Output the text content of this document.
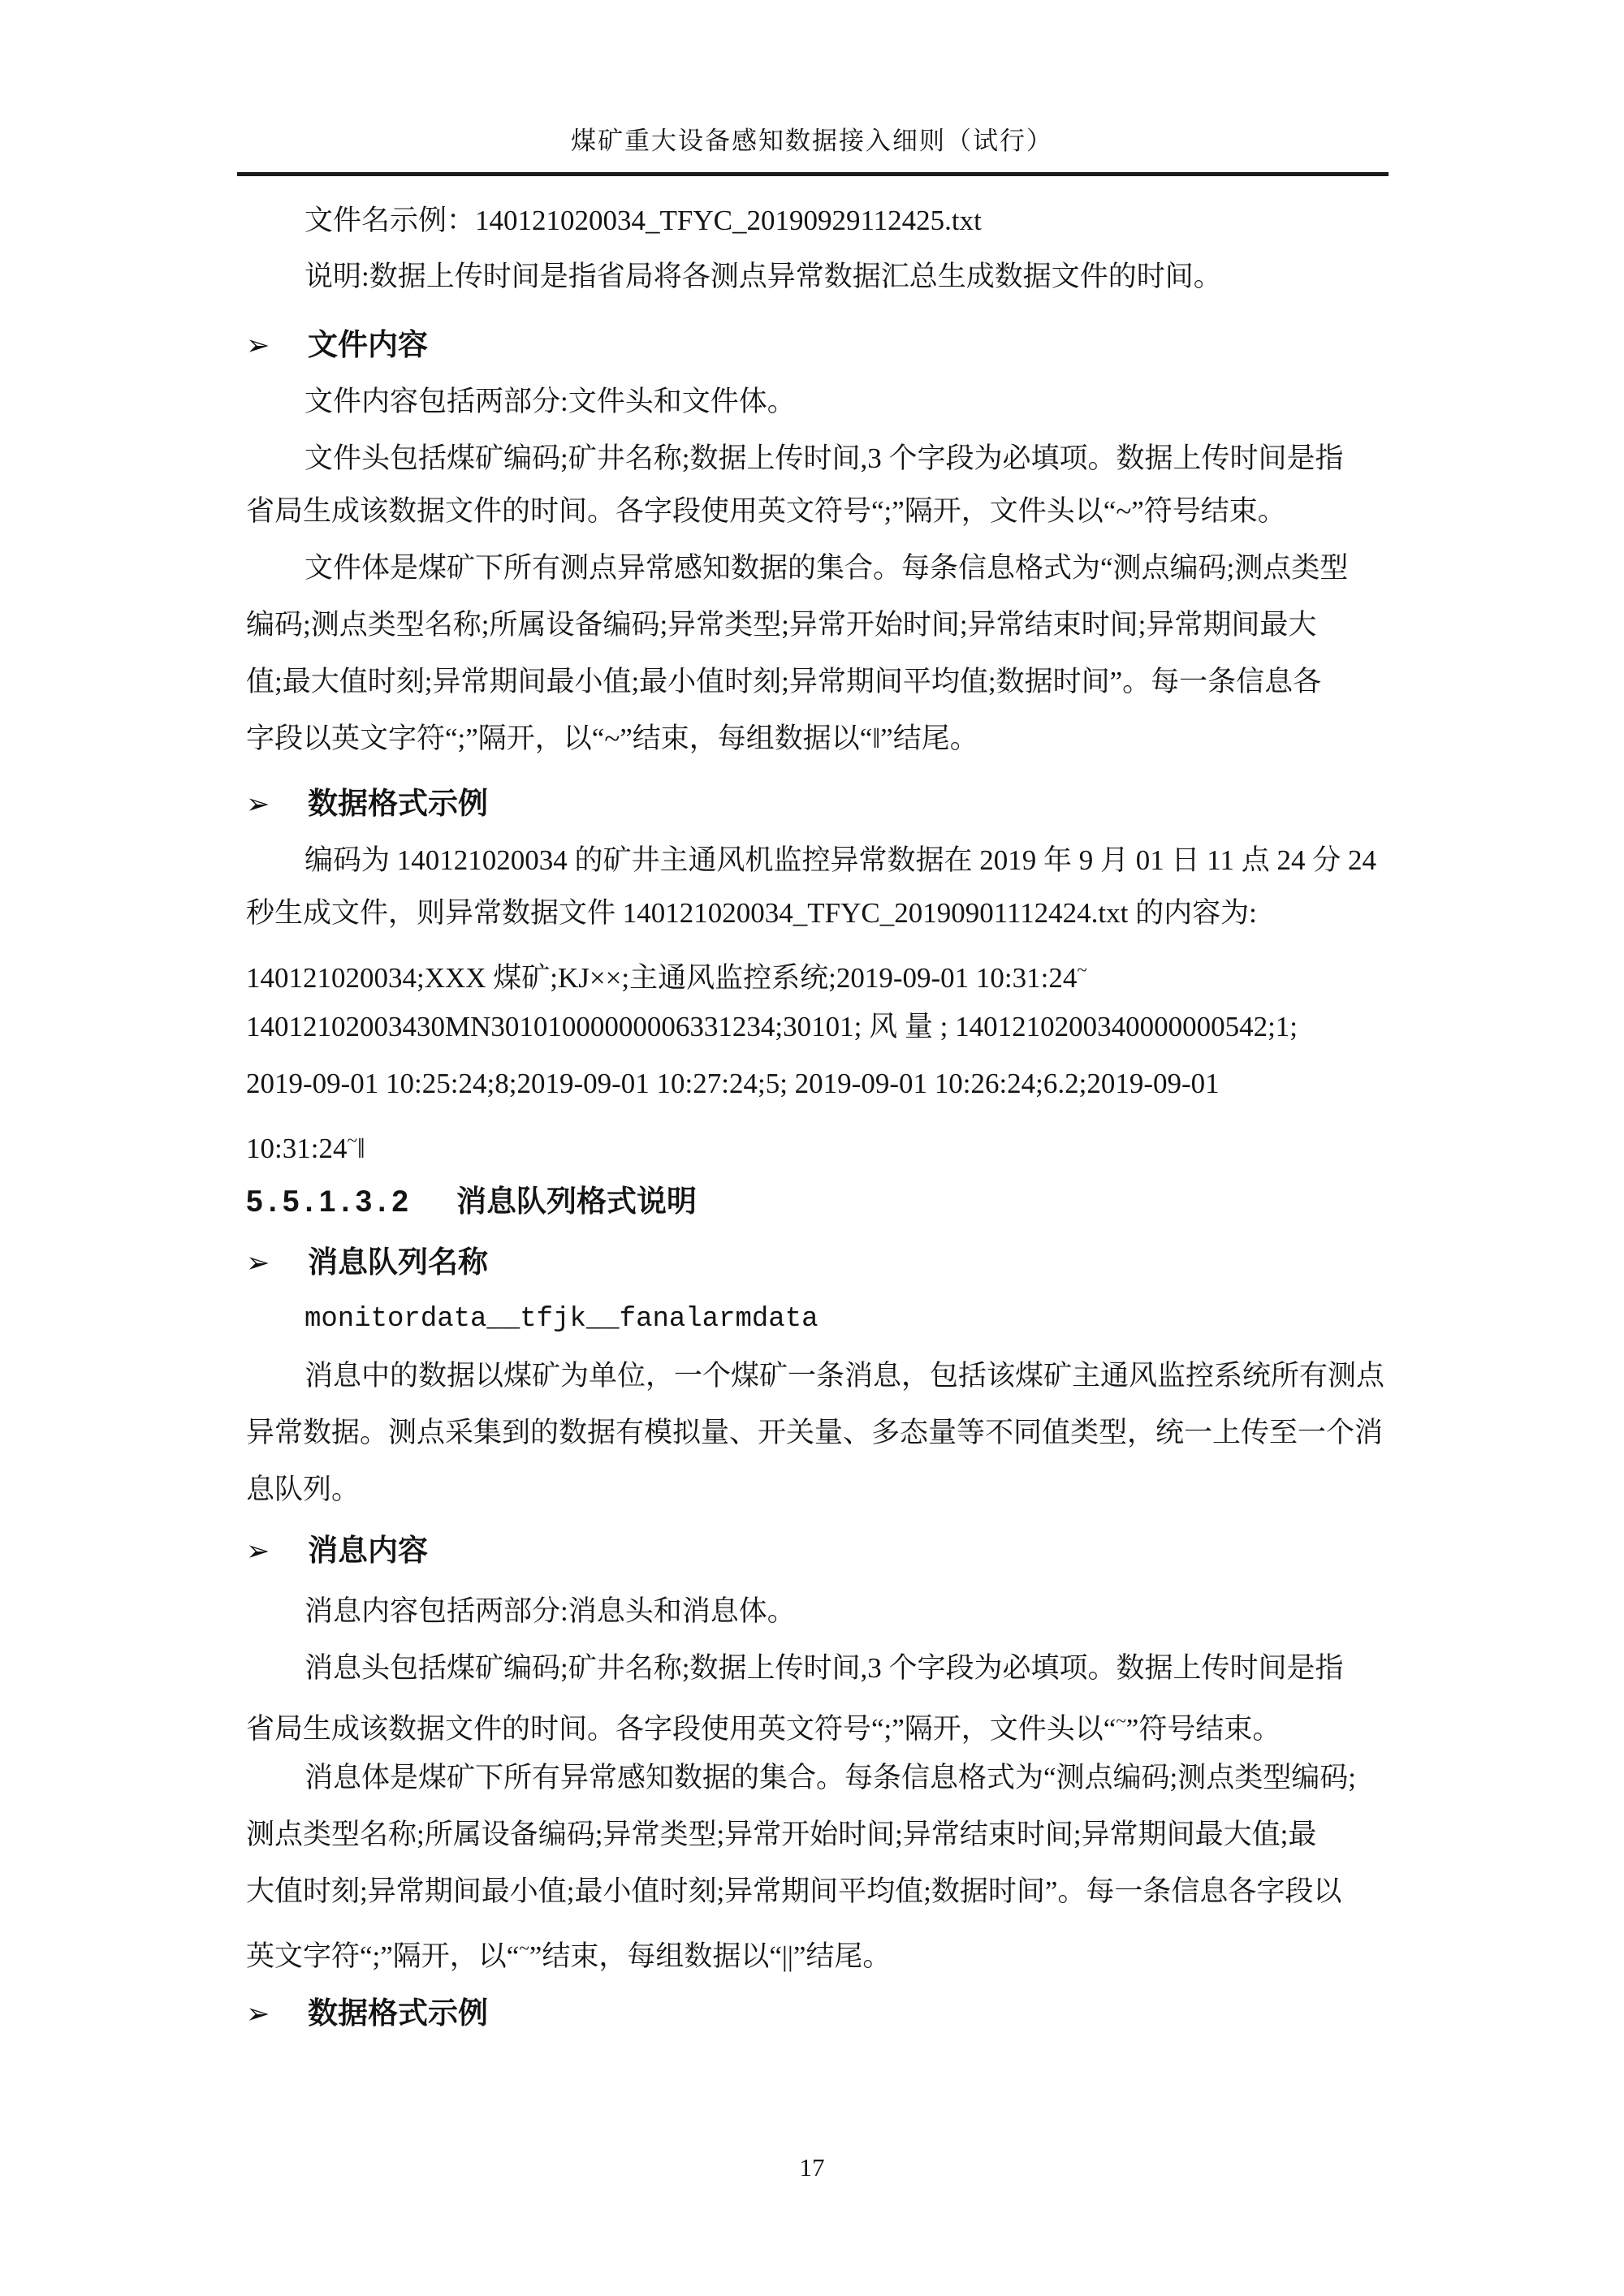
煤矿重大设备感知数据接入细则（试行）
文件名示例：140121020034_TFYC_20190929112425.txt
说明:数据上传时间是指省局将各测点异常数据汇总生成数据文件的时间。
➢ 文件内容
文件内容包括两部分:文件头和文件体。
文件头包括煤矿编码;矿井名称;数据上传时间,3 个字段为必填项。数据上传时间是指
省局生成该数据文件的时间。各字段使用英文符号“;”隔开，文件头以“~”符号结束。
文件体是煤矿下所有测点异常感知数据的集合。每条信息格式为“测点编码;测点类型
编码;测点类型名称;所属设备编码;异常类型;异常开始时间;异常结束时间;异常期间最大
值;最大值时刻;异常期间最小值;最小值时刻;异常期间平均值;数据时间”。每一条信息各
字段以英文字符“;”隔开，以“~”结束，每组数据以“‖”结尾。
➢ 数据格式示例
编码为 140121020034 的矿井主通风机监控异常数据在 2019 年 9 月 01 日 11 点 24 分 24
秒生成文件，则异常数据文件 140121020034_TFYC_20190901112424.txt 的内容为:
140121020034;XXX 煤矿;KJ××;主通风监控系统;2019-09-01 10:31:24~
14012102003430MN30101000000006331234;30101; 风 量 ; 1401210200340000000542;1;
2019-09-01 10:25:24;8;2019-09-01 10:27:24;5; 2019-09-01 10:26:24;6.2;2019-09-01
10:31:24~‖
5.5.1.3.2 消息队列格式说明
➢ 消息队列名称
monitordata__tfjk__fanalarmdata
消息中的数据以煤矿为单位，一个煤矿一条消息，包括该煤矿主通风监控系统所有测点
异常数据。测点采集到的数据有模拟量、开关量、多态量等不同值类型，统一上传至一个消
息队列。
➢ 消息内容
消息内容包括两部分:消息头和消息体。
消息头包括煤矿编码;矿井名称;数据上传时间,3 个字段为必填项。数据上传时间是指
省局生成该数据文件的时间。各字段使用英文符号“;”隔开，文件头以“~”符号结束。
消息体是煤矿下所有异常感知数据的集合。每条信息格式为“测点编码;测点类型编码;
测点类型名称;所属设备编码;异常类型;异常开始时间;异常结束时间;异常期间最大值;最
大值时刻;异常期间最小值;最小值时刻;异常期间平均值;数据时间”。每一条信息各字段以
英文字符“;”隔开，以“~”结束，每组数据以“||”结尾。
➢ 数据格式示例
17
